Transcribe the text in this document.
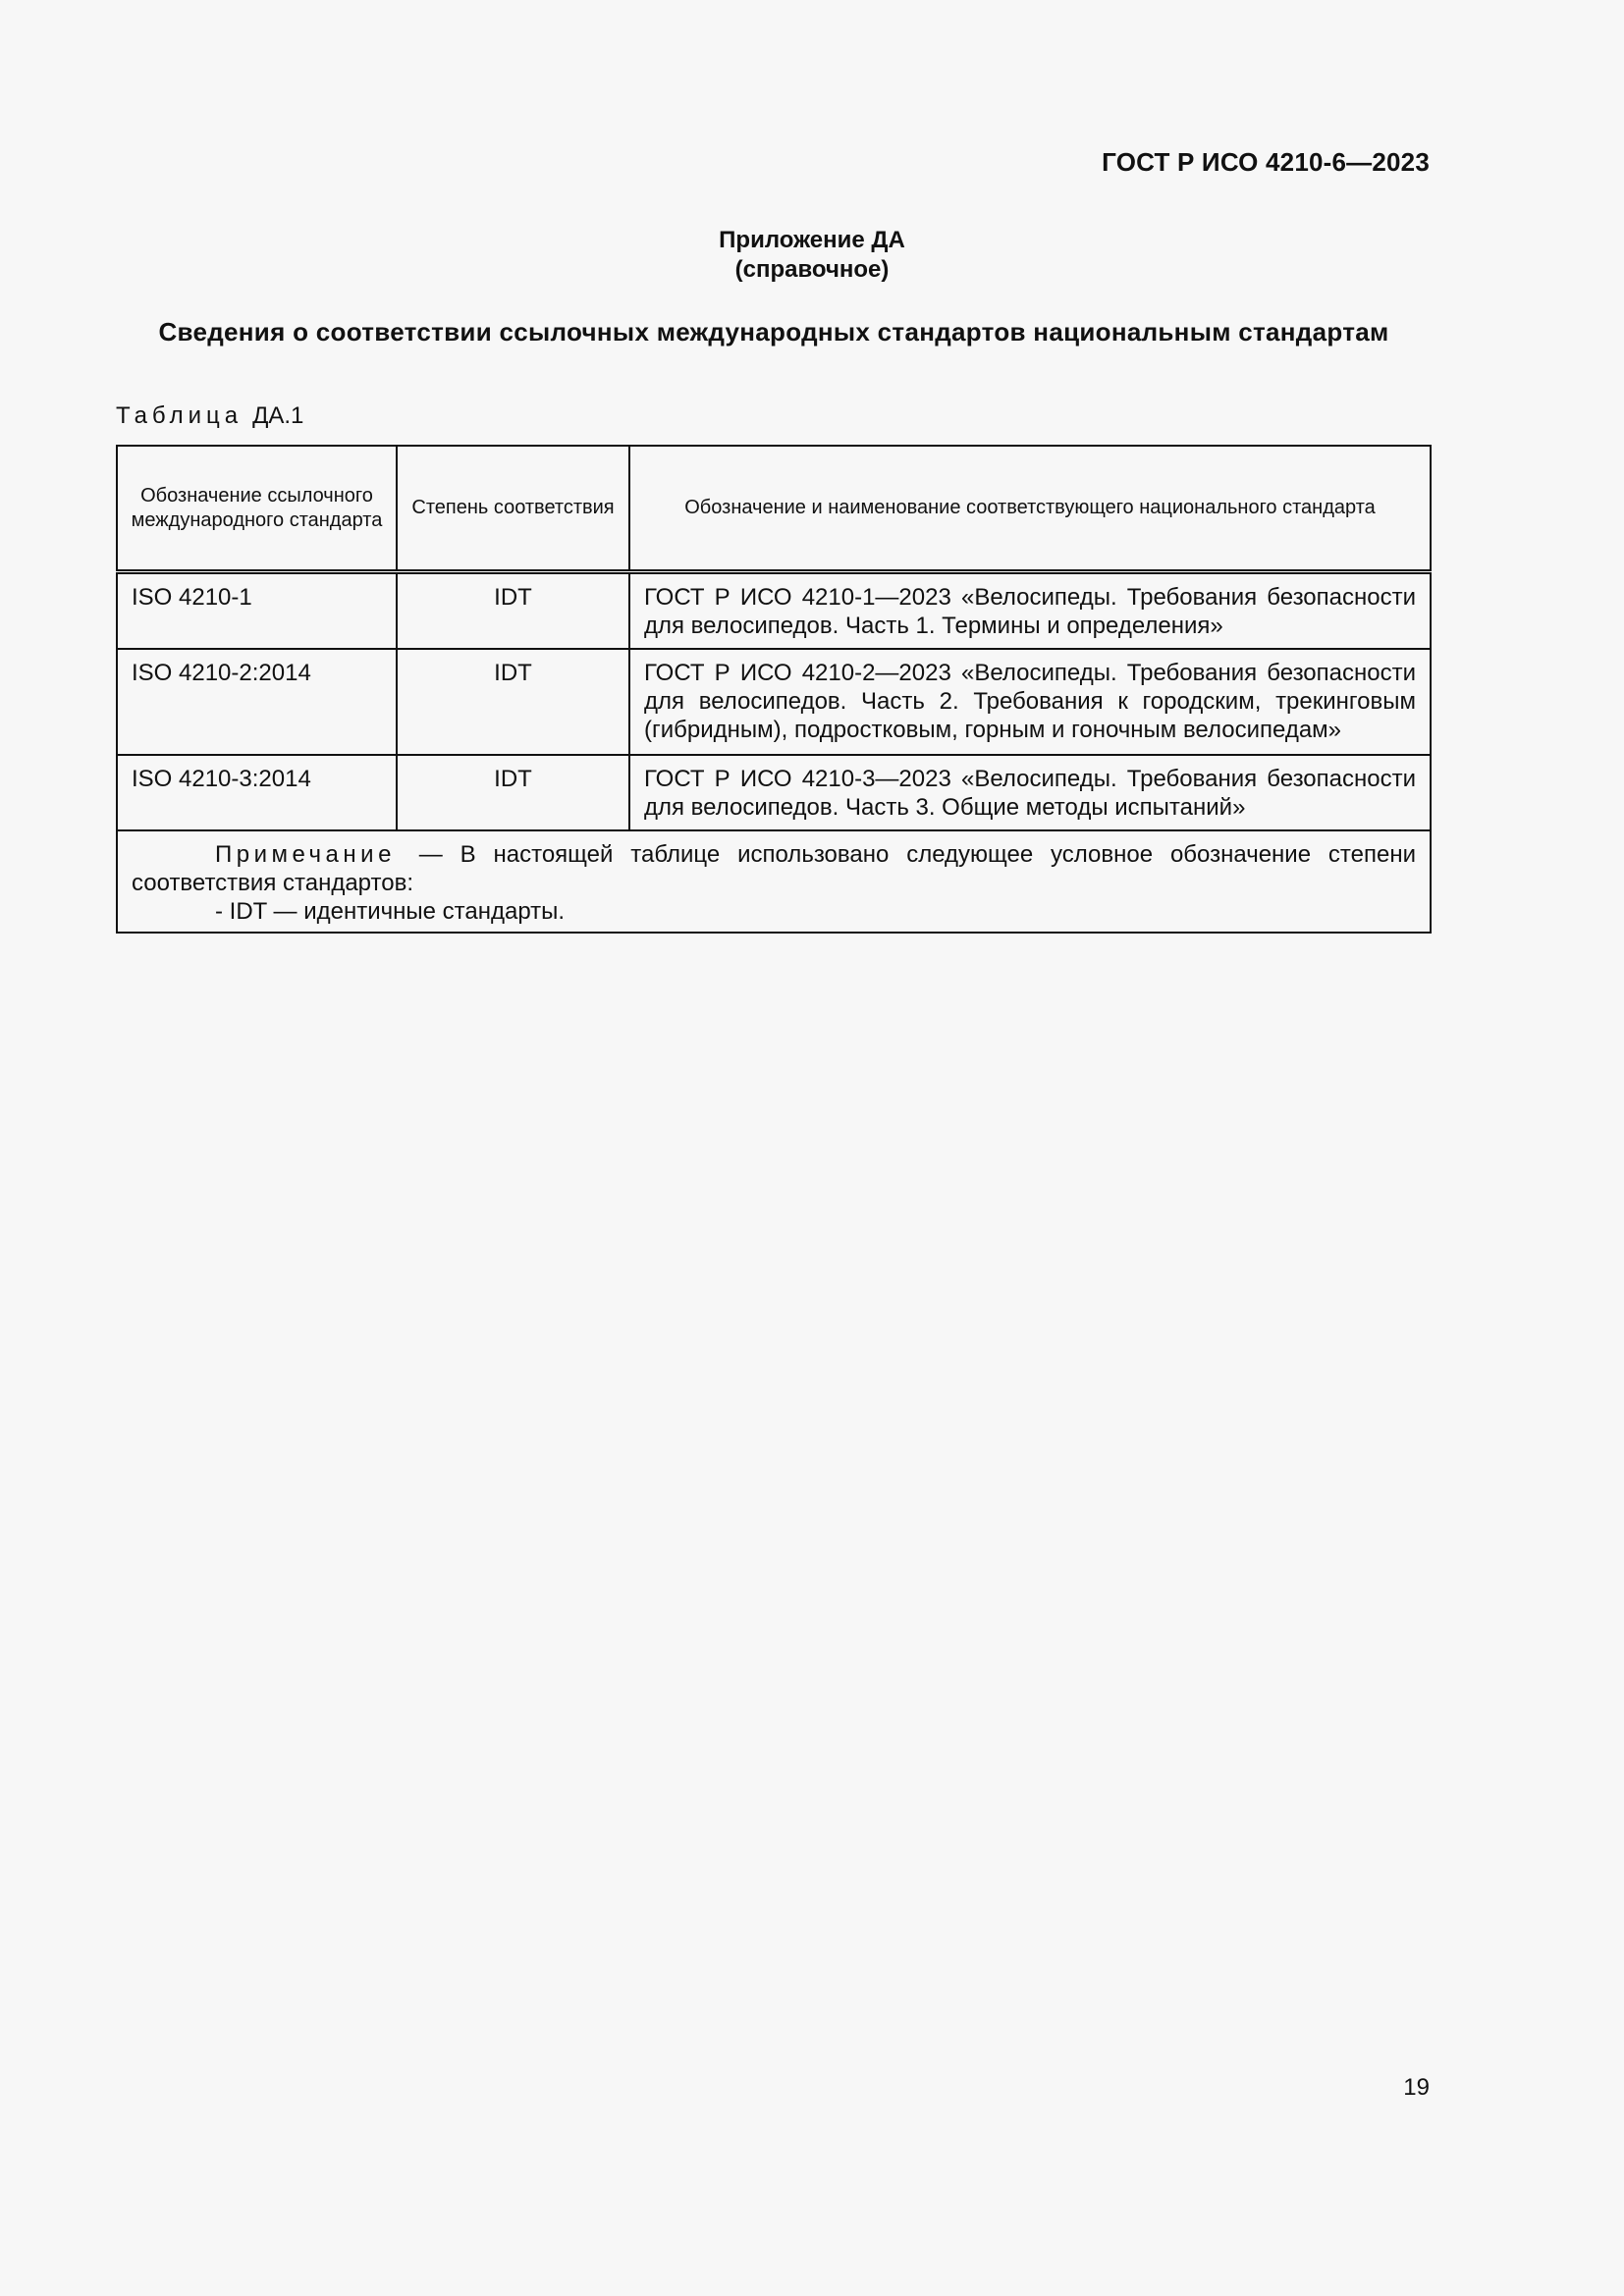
ГОСТ Р ИСО 4210-6—2023
Приложение ДА
(справочное)
Сведения о соответствии ссылочных международных стандартов национальным стандартам
Таблица ДА.1
Обозначение ссылочного международного стандарта	Степень соответствия	Обозначение и наименование соответствующего национального стандарта
ISO 4210-1	IDT	ГОСТ Р ИСО 4210-1—2023 «Велосипеды. Требования безопасности для велосипедов. Часть 1. Термины и определения»
ISO 4210-2:2014	IDT	ГОСТ Р ИСО 4210-2—2023 «Велосипеды. Требования безопасности для велосипедов. Часть 2. Требования к городским, трекинговым (гибридным), подростковым, горным и гоночным велосипедам»
ISO 4210-3:2014	IDT	ГОСТ Р ИСО 4210-3—2023 «Велосипеды. Требования безопасности для велосипедов. Часть 3. Общие методы испытаний»

Примечание — В настоящей таблице использовано следующее условное обозначение степени соответствия стандартов:
- IDT — идентичные стандарты.		
19
